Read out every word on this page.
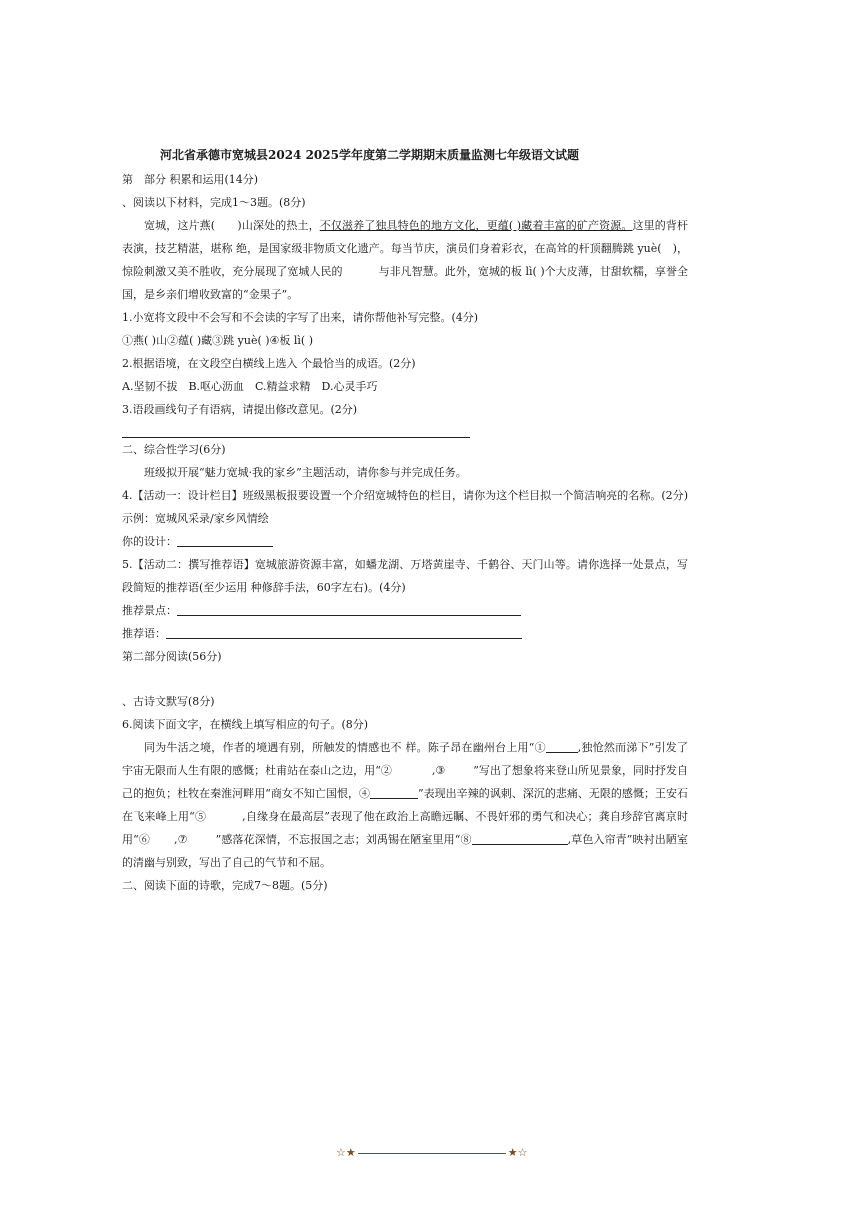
河北省承德市宽城县2024 2025学年度第二学期期末质量监测七年级语文试题
第　部分 积累和运用(14分)
、阅读以下材料，完成1～3题。(8分)
宽城，这片燕(　　)山深处的热土，不仅滋养了独具特色的地方文化，更蕴( )藏着丰富的矿产资源。这里的背杆表演，技艺精湛，堪称 绝，是国家级非物质文化遗产。每当节庆，演员们身着彩衣，在高耸的杆顶翻腾跳 yuè(　)，惊险刺激又美不胜收，充分展现了宽城人民的	与非凡智慧。此外，宽城的板 lì( )个大皮薄，甘甜软糯，享誉全国，是乡亲们增收致富的“金果子”。
1.小宽将文段中不会写和不会读的字写了出来，请你帮他补写完整。(4分)
①燕( )山②蕴( )藏③跳 yuè( )④板 lì( )
2.根据语境，在文段空白横线上选入 个最恰当的成语。(2分)
A.坚韧不拔　B.呕心沥血　C.精益求精　D.心灵手巧
3.语段画线句子有语病，请提出修改意见。(2分)
二、综合性学习(6分)
班级拟开展“魅力宽城·我的家乡”主题活动，请你参与并完成任务。
4.【活动一：设计栏目】班级黑板报要设置一个介绍宽城特色的栏目，请你为这个栏目拟一个简洁响亮的名称。(2分)示例：宽城风采录/家乡风情绘
你的设计：
5.【活动二：撰写推荐语】宽城旅游资源丰富，如蟠龙湖、万塔黄崖寺、千鹤谷、天门山等。请你选择一处景点，写 段简短的推荐语(至少运用 种修辞手法，60字左右)。(4分)
推荐景点：
推荐语：
第二部分阅读(56分)
、古诗文默写(8分)
6.阅读下面文字，在横线上填写相应的句子。(8分)
同为牛活之境，作者的境遇有别，所触发的情感也不 样。陈子昂在幽州台上用“①	,独怆然而涕下”引发了宇宙无限而人生有限的感慨；杜甫站在泰山之边，用“②	,③	”写出了想象将来登山所见景象，同时抒发自己的抱负；杜牧在秦淮河畔用“商女不知亡国恨，④	”表现出辛辣的讽刺、深沉的悲痛、无限的感慨；王安石在飞来峰上用“⑤	,自缘身在最高层”表现了他在政治上高瞻远瞩、不畏奸邪的勇气和决心；龚自珍辞官离京时用“⑥ ,⑦	”感落花深情，不忘报国之志；刘禹锡在陋室里用“⑧	,草色入帘青”映衬出陋室的清幽与别致，写出了自己的气节和不屈。
二、阅读下面的诗歌，完成7～8题。(5分)
☆★	★☆
